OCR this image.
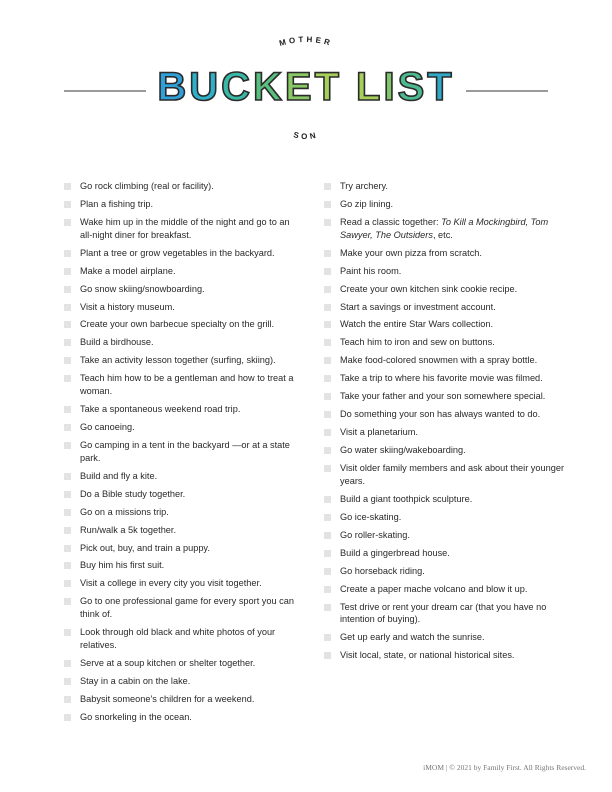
MOTHER
SON
BUCKET LIST
Go rock climbing (real or facility).
Plan a fishing trip.
Wake him up in the middle of the night and go to an all-night diner for breakfast.
Plant a tree or grow vegetables in the backyard.
Make a model airplane.
Go snow skiing/snowboarding.
Visit a history museum.
Create your own barbecue specialty on the grill.
Build a birdhouse.
Take an activity lesson together (surfing, skiing).
Teach him how to be a gentleman and how to treat a woman.
Take a spontaneous weekend road trip.
Go canoeing.
Go camping in a tent in the backyard —or at a state park.
Build and fly a kite.
Do a Bible study together.
Go on a missions trip.
Run/walk a 5k together.
Pick out, buy, and train a puppy.
Buy him his first suit.
Visit a college in every city you visit together.
Go to one professional game for every sport you can think of.
Look through old black and white photos of your relatives.
Serve at a soup kitchen or shelter together.
Stay in a cabin on the lake.
Babysit someone's children for a weekend.
Go snorkeling in the ocean.
Try archery.
Go zip lining.
Read a classic together: To Kill a Mockingbird, Tom Sawyer, The Outsiders, etc.
Make your own pizza from scratch.
Paint his room.
Create your own kitchen sink cookie recipe.
Start a savings or investment account.
Watch the entire Star Wars collection.
Teach him to iron and sew on buttons.
Make food-colored snowmen with a spray bottle.
Take a trip to where his favorite movie was filmed.
Take your father and your son somewhere special.
Do something your son has always wanted to do.
Visit a planetarium.
Go water skiing/wakeboarding.
Visit older family members and ask about their younger years.
Build a giant toothpick sculpture.
Go ice-skating.
Go roller-skating.
Build a gingerbread house.
Go horseback riding.
Create a paper mache volcano and blow it up.
Test drive or rent your dream car (that you have no intention of buying).
Get up early and watch the sunrise.
Visit local, state, or national historical sites.
iMOM | © 2021 by Family First. All Rights Reserved.
